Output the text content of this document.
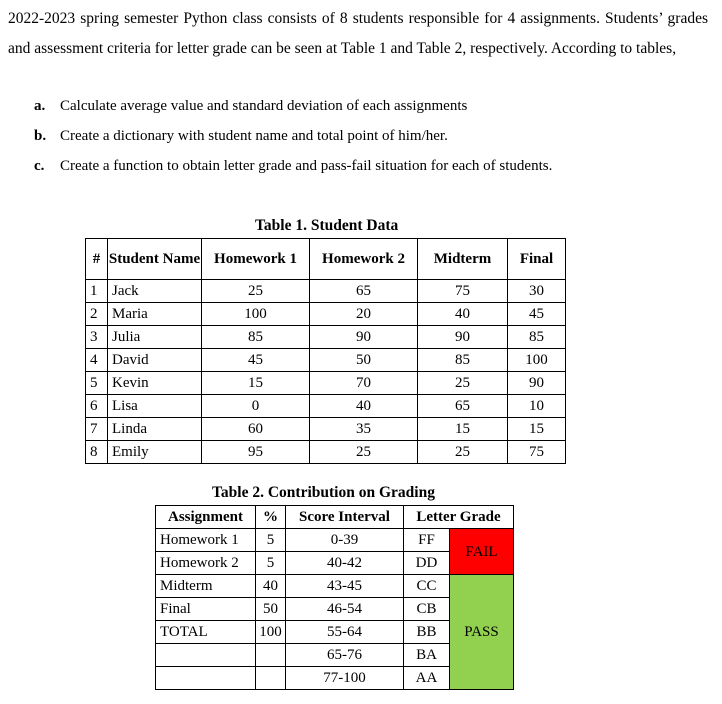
2022-2023 spring semester Python class consists of 8 students responsible for 4 assignments. Students’ grades and assessment criteria for letter grade can be seen at Table 1 and Table 2, respectively. According to tables,

a. Calculate average value and standard deviation of each assignments
b. Create a dictionary with student name and total point of him/her.
c. Create a function to obtain letter grade and pass-fail situation for each of students.
Table 1. Student Data
#	Student Name	Homework 1	Homework 2	Midterm	Final
1	Jack	25	65	75	30
2	Maria	100	20	40	45
3	Julia	85	90	90	85
4	David	45	50	85	100
5	Kevin	15	70	25	90
6	Lisa	0	40	65	10
7	Linda	60	35	15	15
8	Emily	95	25	25	75
Table 2. Contribution on Grading
Assignment	%	Score Interval	Letter Grade	
Homework 1	5	0-39	FF	FAIL
Homework 2	5	40-42	DD	
Midterm	40	43-45	CC	PASS
Final	50	46-54	CB	
TOTAL	100	55-64	BB	
		65-76	BA	
		77-100	AA	
